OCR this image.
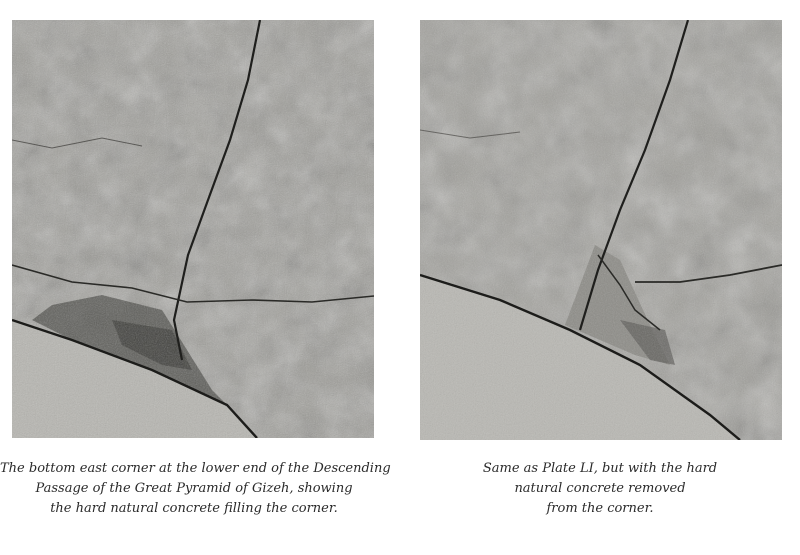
The bottom east corner at the lower end of the Descending
Passage of the Great Pyramid of Gizeh, showing
the hard natural concrete filling the corner.
Same as Plate LI, but with the hard
natural concrete removed
from the corner.
